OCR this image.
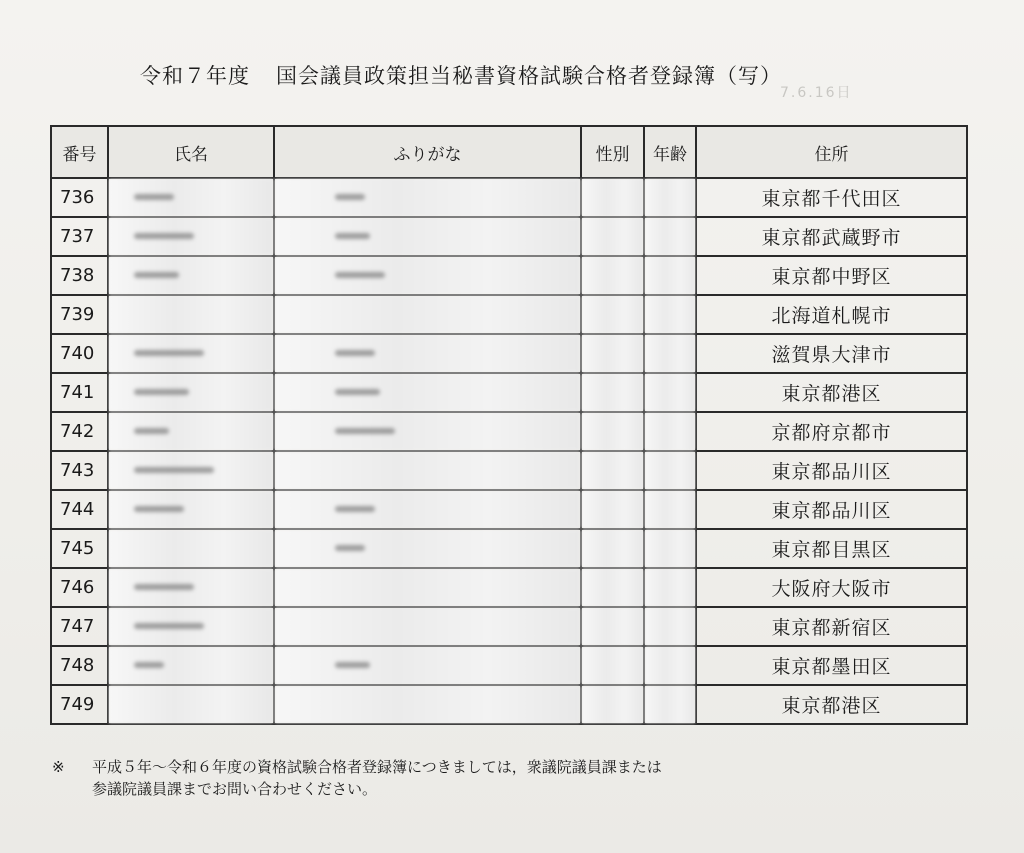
令和７年度 国会議員政策担当秘書資格試験合格者登録簿（写）
7.6.16日
番号	氏名	ふりがな	性別	年齢	住所
736					東京都千代田区
737					東京都武蔵野市
738					東京都中野区
739					北海道札幌市
740					滋賀県大津市
741					東京都港区
742					京都府京都市
743					東京都品川区
744					東京都品川区
745					東京都目黒区
746					大阪府大阪市
747					東京都新宿区
748					東京都墨田区
749					東京都港区
※ 平成５年〜令和６年度の資格試験合格者登録簿につきましては，衆議院議員課または
参議院議員課までお問い合わせください。
